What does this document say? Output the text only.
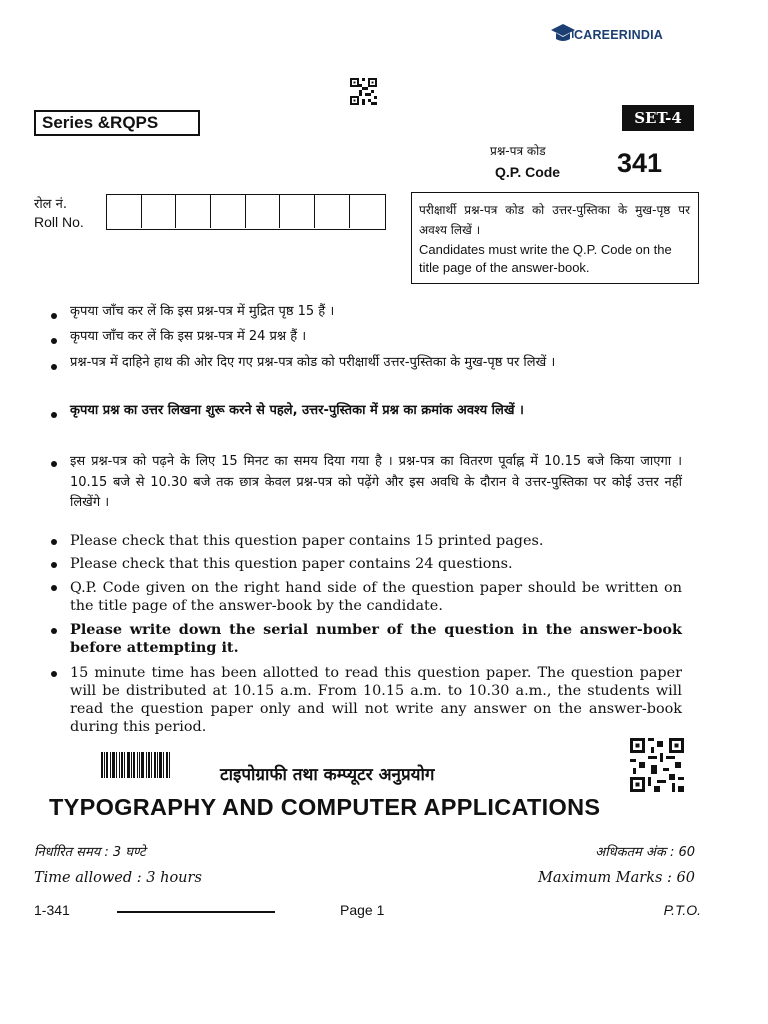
CAREERINDIA
Series &RQPS	SET-4
प्रश्न-पत्र कोड
Q.P. Code 341
रोल नं.
Roll No.
परीक्षार्थी प्रश्न-पत्र कोड को उत्तर-पुस्तिका के मुख-पृष्ठ पर अवश्य लिखें ।
Candidates must write the Q.P. Code on the title page of the answer-book.
कृपया जाँच कर लें कि इस प्रश्न-पत्र में मुद्रित पृष्ठ 15 हैं ।
कृपया जाँच कर लें कि इस प्रश्न-पत्र में 24 प्रश्न हैं ।
प्रश्न-पत्र में दाहिने हाथ की ओर दिए गए प्रश्न-पत्र कोड को परीक्षार्थी उत्तर-पुस्तिका के मुख-पृष्ठ पर लिखें ।
कृपया प्रश्न का उत्तर लिखना शुरू करने से पहले, उत्तर-पुस्तिका में प्रश्न का क्रमांक अवश्य लिखें ।
इस प्रश्न-पत्र को पढ़ने के लिए 15 मिनट का समय दिया गया है । प्रश्न-पत्र का वितरण पूर्वाह्न में 10.15 बजे किया जाएगा । 10.15 बजे से 10.30 बजे तक छात्र केवल प्रश्न-पत्र को पढ़ेंगे और इस अवधि के दौरान वे उत्तर-पुस्तिका पर कोई उत्तर नहीं लिखेंगे ।
Please check that this question paper contains 15 printed pages.
Please check that this question paper contains 24 questions.
Q.P. Code given on the right hand side of the question paper should be written on the title page of the answer-book by the candidate.
Please write down the serial number of the question in the answer-book before attempting it.
15 minute time has been allotted to read this question paper. The question paper will be distributed at 10.15 a.m. From 10.15 a.m. to 10.30 a.m., the students will read the question paper only and will not write any answer on the answer-book during this period.
टाइपोग्राफी तथा कम्प्यूटर अनुप्रयोग
TYPOGRAPHY AND COMPUTER APPLICATIONS
निर्धारित समय : 3 घण्टे	अधिकतम अंक : 60
Time allowed : 3 hours	Maximum Marks : 60
1-341	Page 1	P.T.O.
